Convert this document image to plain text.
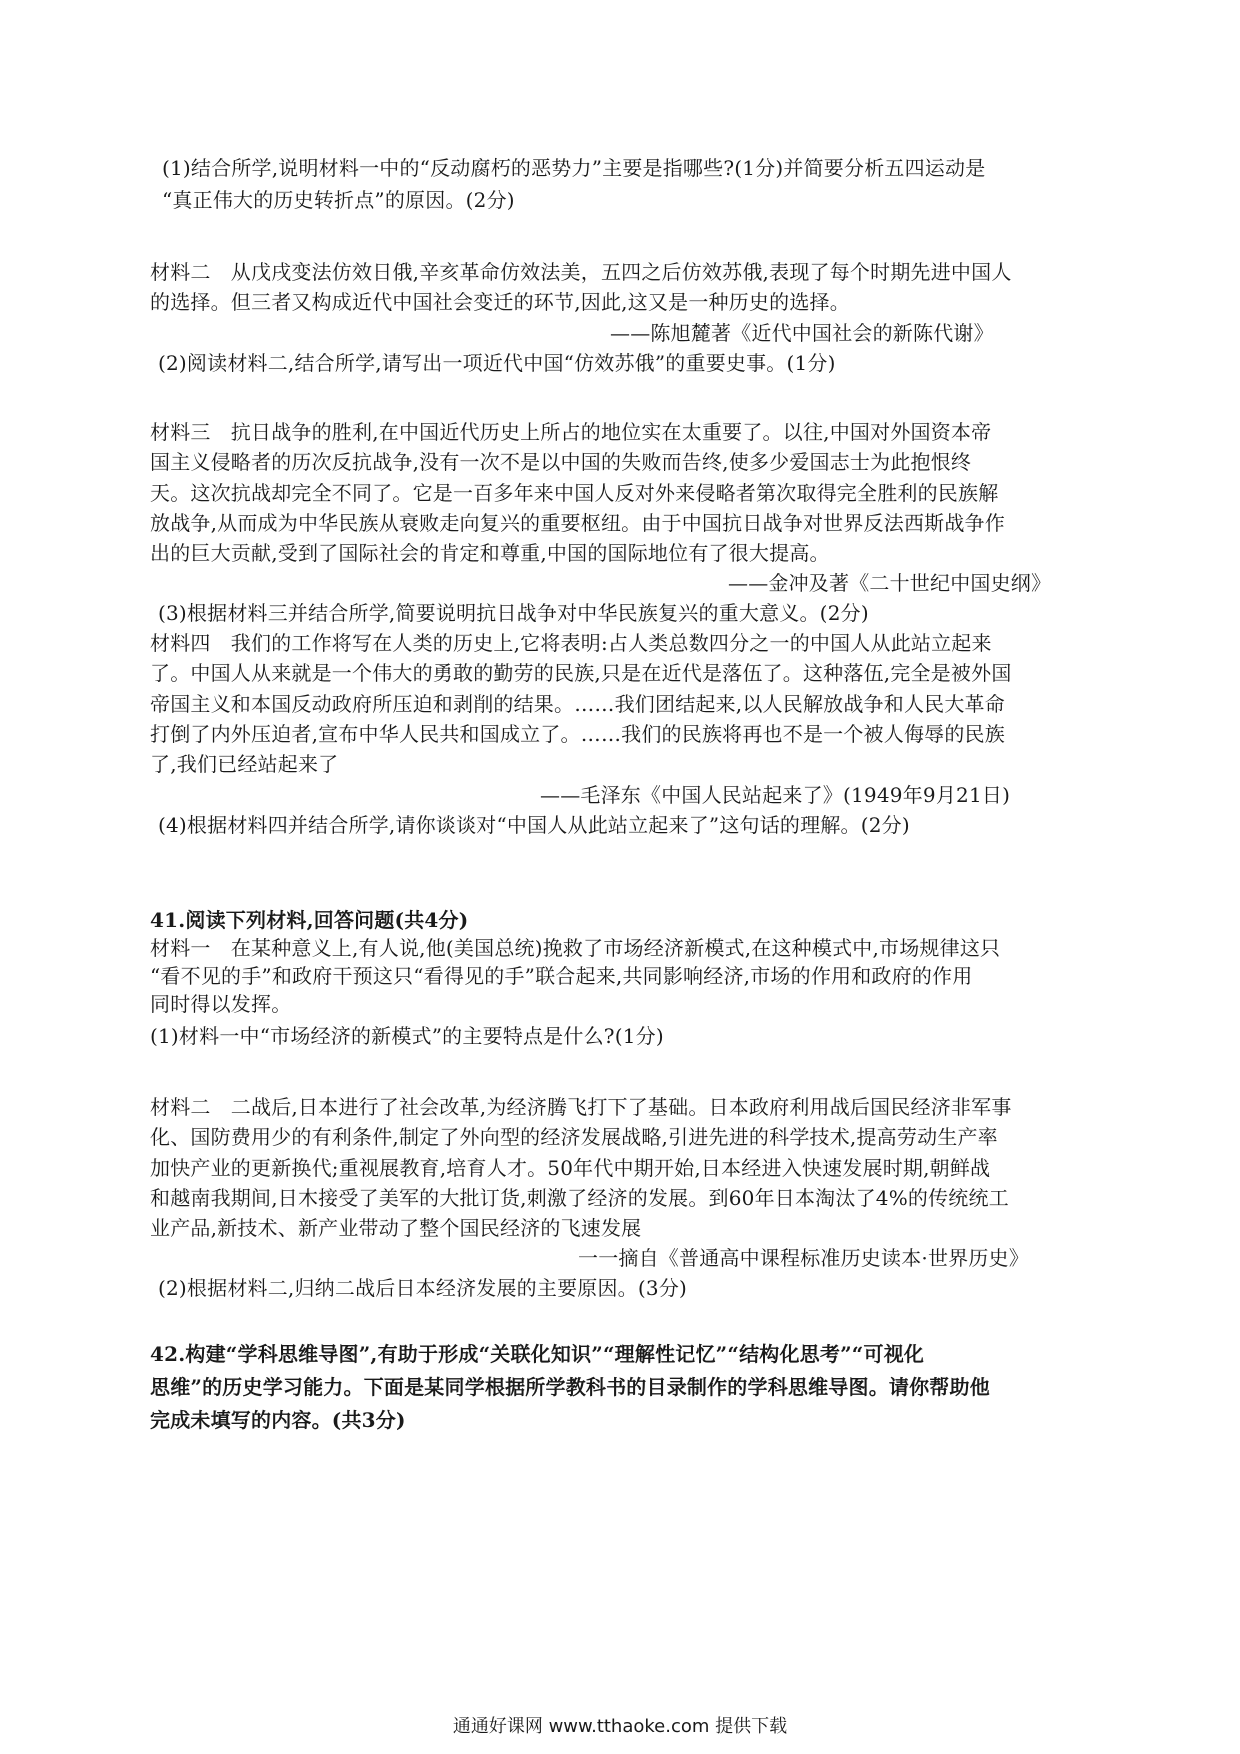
(1)结合所学,说明材料一中的“反动腐朽的恶势力”主要是指哪些?(1分)并简要分析五四运动是
“真正伟大的历史转折点”的原因。(2分)
材料二　从戊戌变法仿效日俄,辛亥革命仿效法美，五四之后仿效苏俄,表现了每个时期先进中国人
的选择。但三者又构成近代中国社会变迁的环节,因此,这又是一种历史的选择。
——陈旭麓著《近代中国社会的新陈代谢》
(2)阅读材料二,结合所学,请写出一项近代中国“仿效苏俄”的重要史事。(1分)
材料三　抗日战争的胜利,在中国近代历史上所占的地位实在太重要了。以往,中国对外国资本帝
国主义侵略者的历次反抗战争,没有一次不是以中国的失败而告终,使多少爱国志士为此抱恨终
天。这次抗战却完全不同了。它是一百多年来中国人反对外来侵略者第次取得完全胜利的民族解
放战争,从而成为中华民族从衰败走向复兴的重要枢纽。由于中国抗日战争对世界反法西斯战争作
出的巨大贡献,受到了国际社会的肯定和尊重,中国的国际地位有了很大提高。
——金冲及著《二十世纪中国史纲》
(3)根据材料三并结合所学,简要说明抗日战争对中华民族复兴的重大意义。(2分)
材料四　我们的工作将写在人类的历史上,它将表明:占人类总数四分之一的中国人从此站立起来
了。中国人从来就是一个伟大的勇敢的勤劳的民族,只是在近代是落伍了。这种落伍,完全是被外国
帝国主义和本国反动政府所压迫和剥削的结果。……我们团结起来,以人民解放战争和人民大革命
打倒了内外压迫者,宣布中华人民共和国成立了。……我们的民族将再也不是一个被人侮辱的民族
了,我们已经站起来了
——毛泽东《中国人民站起来了》(1949年9月21日)
(4)根据材料四并结合所学,请你谈谈对“中国人从此站立起来了”这句话的理解。(2分)
41.阅读下列材料,回答问题(共4分)
材料一　在某种意义上,有人说,他(美国总统)挽救了市场经济新模式,在这种模式中,市场规律这只
“看不见的手”和政府干预这只“看得见的手”联合起来,共同影响经济,市场的作用和政府的作用
同时得以发挥。
(1)材料一中“市场经济的新模式”的主要特点是什么?(1分)
材料二　二战后,日本进行了社会改革,为经济腾飞打下了基础。日本政府利用战后国民经济非军事
化、国防费用少的有利条件,制定了外向型的经济发展战略,引进先进的科学技术,提高劳动生产率
加快产业的更新换代;重视展教育,培育人才。50年代中期开始,日本经进入快速发展时期,朝鲜战
和越南我期间,日木接受了美军的大批订货,刺激了经济的发展。到60年日本淘汰了4%的传统统工
业产品,新技术、新产业带动了整个国民经济的飞速发展
一一摘自《普通高中课程标准历史读本·世界历史》
(2)根据材料二,归纳二战后日本经济发展的主要原因。(3分)
42.构建“学科思维导图”,有助于形成“关联化知识”“理解性记忆”“结构化思考”“可视化
思维”的历史学习能力。下面是某同学根据所学教科书的目录制作的学科思维导图。请你帮助他
完成未填写的内容。(共3分)
通通好课网 www.tthaoke.com 提供下载
